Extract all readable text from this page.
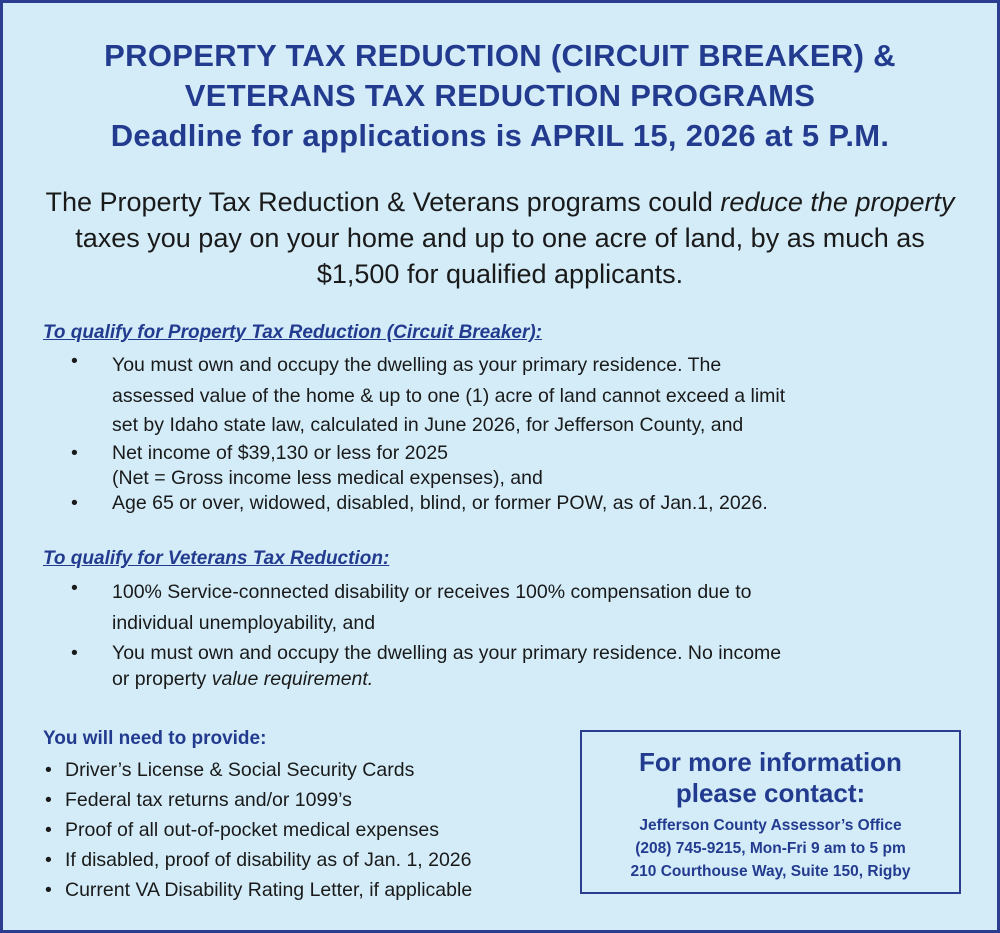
PROPERTY TAX REDUCTION (CIRCUIT BREAKER) &
VETERANS TAX REDUCTION PROGRAMS
Deadline for applications is APRIL 15, 2026 at 5 P.M.
The Property Tax Reduction & Veterans programs could reduce the property taxes you pay on your home and up to one acre of land, by as much as $1,500 for qualified applicants.
To qualify for Property Tax Reduction (Circuit Breaker):
• You must own and occupy the dwelling as your primary residence. The
assessed value of the home & up to one (1) acre of land cannot exceed a limit
set by Idaho state law, calculated in June 2026, for Jefferson County, and
• Net income of $39,130 or less for 2025
(Net = Gross income less medical expenses), and
• Age 65 or over, widowed, disabled, blind, or former POW, as of Jan.1, 2026.
To qualify for Veterans Tax Reduction:
• 100% Service-connected disability or receives 100% compensation due to
individual unemployability, and
• You must own and occupy the dwelling as your primary residence. No income
or property value requirement.
You will need to provide:
• Driver’s License & Social Security Cards
• Federal tax returns and/or 1099’s
• Proof of all out-of-pocket medical expenses
• If disabled, proof of disability as of Jan. 1, 2026
• Current VA Disability Rating Letter, if applicable
For more information
please contact:
Jefferson County Assessor’s Office
(208) 745-9215, Mon-Fri 9 am to 5 pm
210 Courthouse Way, Suite 150, Rigby
